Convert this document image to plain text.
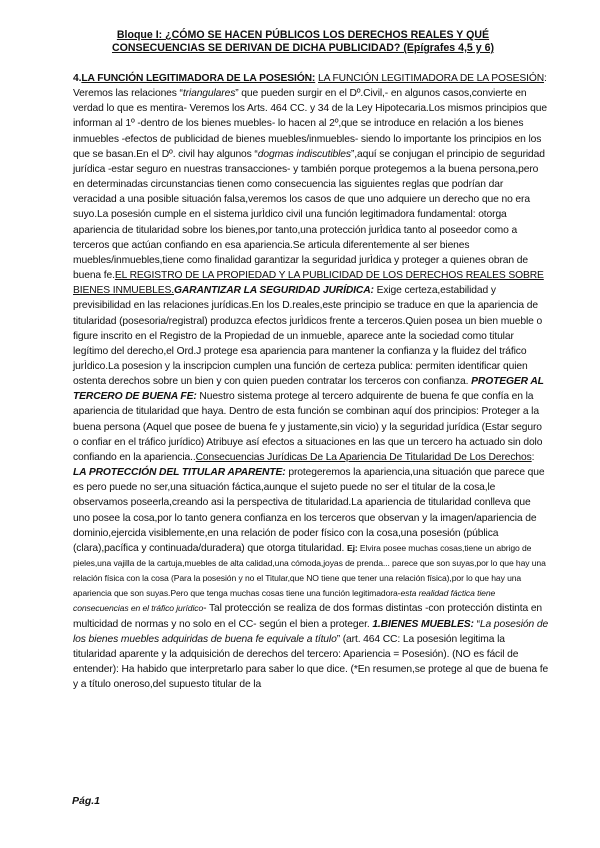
Bloque I: ¿CÓMO SE HACEN PÚBLICOS LOS DERECHOS REALES Y QUÉ
CONSECUENCIAS SE DERIVAN DE DICHA PUBLICIDAD? (Epígrafes 4,5 y 6)

4.LA FUNCIÓN LEGITIMADORA DE LA POSESIÓN: LA FUNCIÓN LEGITIMADORA DE LA POSESIÓN: Veremos las relaciones “triangulares” que pueden surgir en el Dº.Civil,- en algunos casos,convierte en verdad lo que es mentira- Veremos los Arts. 464 CC. y 34 de la Ley Hipotecaria.Los mismos principios que informan al 1º -dentro de los bienes muebles- lo hacen al 2º,que se introduce en relación a los bienes inmuebles -efectos de publicidad de bienes muebles/inmuebles- siendo lo importante los principios en los que se basan.En el Dº. civil hay algunos “dogmas indiscutibles”,aquí se conjugan el principio de seguridad jurídica -estar seguro en nuestras transacciones- y también porque protegemos a la buena persona,pero en determinadas circunstancias tienen como consecuencia las siguientes reglas que podrían dar veracidad a una posible situación falsa,veremos los casos de que uno adquiere un derecho que no era suyo.La posesión cumple en el sistema jurÌdico civil una función legitimadora fundamental: otorga apariencia de titularidad sobre los bienes,por tanto,una protección jurÌdica tanto al poseedor como a terceros que actúan confiando en esa apariencia.Se articula diferentemente al ser bienes muebles/inmuebles,tiene como finalidad garantizar la seguridad jurÌdica y proteger a quienes obran de buena fe.EL REGISTRO DE LA PROPIEDAD Y LA PUBLICIDAD DE LOS DERECHOS REALES SOBRE BIENES INMUEBLES.GARANTIZAR LA SEGURIDAD JURÍDICA: Exige certeza,estabilidad y previsibilidad en las relaciones jurídicas.En los D.reales,este principio se traduce en que la apariencia de titularidad (posesoria/registral) produzca efectos jurÌdicos frente a terceros.Quien posea un bien mueble o figure inscrito en el Registro de la Propiedad de un inmueble, aparece ante la sociedad como titular legítimo del derecho,el Ord.J protege esa apariencia para mantener la confianza y la fluidez del tráfico jurÌdico.La posesion y la inscripcion cumplen una función de certeza publica: permiten identificar quien ostenta derechos sobre un bien y con quien pueden contratar los terceros con confianza. PROTEGER AL TERCERO DE BUENA FE: Nuestro sistema protege al tercero adquirente de buena fe que confía en la apariencia de titularidad que haya. Dentro de esta función se combinan aquí dos principios: Proteger a la buena persona (Aquel que posee de buena fe y justamente,sin vicio) y la seguridad jurídica (Estar seguro o confiar en el tráfico jurídico) Atribuye así efectos a situaciones en las que un tercero ha actuado sin dolo confiando en la apariencia..Consecuencias Jurídicas De La Apariencia De Titularidad De Los Derechos: LA PROTECCIÓN DEL TITULAR APARENTE: protegeremos la apariencia,una situación que parece que es pero puede no ser,una situación fáctica,aunque el sujeto puede no ser el titular de la cosa,le observamos poseerla,creando asi la perspectiva de titularidad.La apariencia de titularidad conlleva que uno posee la cosa,por lo tanto genera confianza en los terceros que observan y la imagen/apariencia de dominio,ejercida visiblemente,en una relación de poder físico con la cosa,una posesión (pública (clara),pacífica y continuada/duradera) que otorga titularidad. Ej: Elvira posee muchas cosas,tiene un abrigo de pieles,una vajilla de la cartuja,muebles de alta calidad,una cómoda,joyas de prenda... parece que son suyas,por lo que hay una relación física con la cosa (Para la posesión y no el Titular,que NO tiene que tener una relación física),por lo que hay una apariencia que son suyas.Pero que tenga muchas cosas tiene una función legitimadora-esta realidad fáctica tiene consecuencias en el tráfico jurídico- Tal protección se realiza de dos formas distintas -con protección distinta en multicidad de normas y no solo en el CC- según el bien a proteger. 1.BIENES MUEBLES: “La posesión de los bienes muebles adquiridas de buena fe equivale a título” (art. 464 CC: La posesión legitima la titularidad aparente y la adquisición de derechos del tercero: Apariencia = Posesión). (NO es fácil de entender): Ha habido que interpretarlo para saber lo que dice. (*En resumen,se protege al que de buena fe y a título oneroso,del supuesto titular de la

Pág.1
